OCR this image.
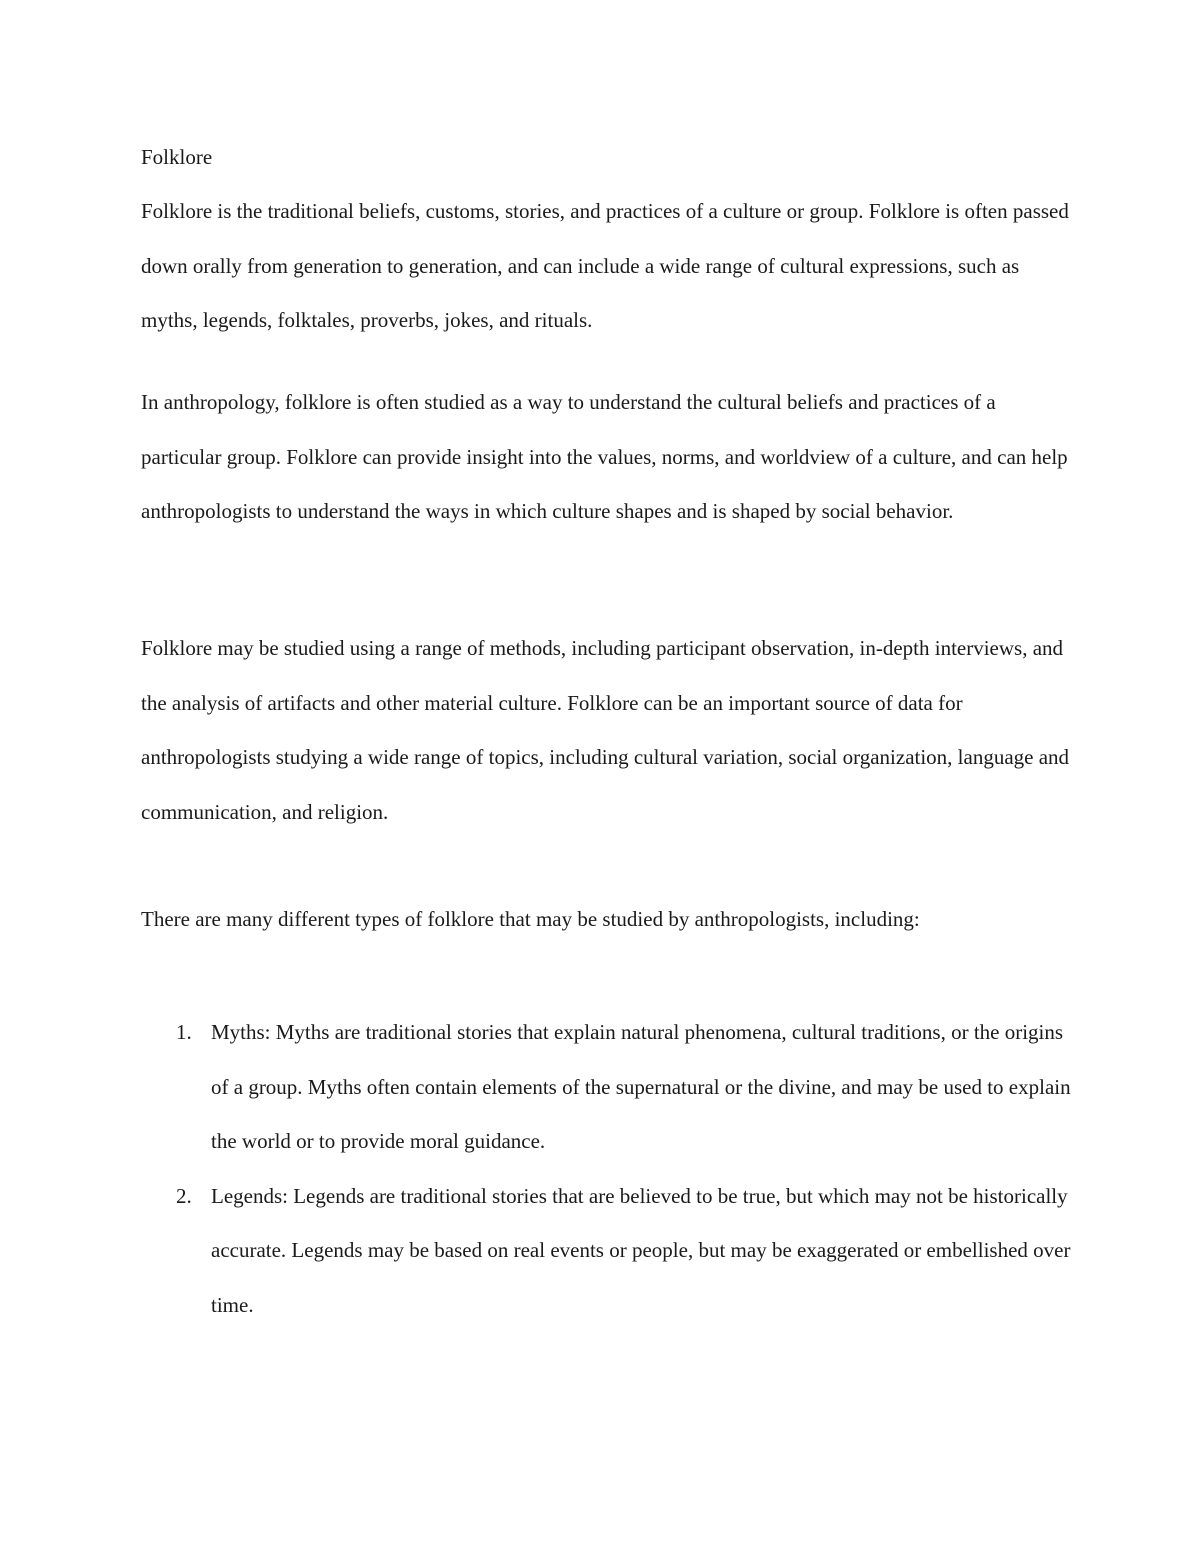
Folklore

Folklore is the traditional beliefs, customs, stories, and practices of a culture or group. Folklore is often passed down orally from generation to generation, and can include a wide range of cultural expressions, such as myths, legends, folktales, proverbs, jokes, and rituals.

In anthropology, folklore is often studied as a way to understand the cultural beliefs and practices of a particular group. Folklore can provide insight into the values, norms, and worldview of a culture, and can help anthropologists to understand the ways in which culture shapes and is shaped by social behavior.

Folklore may be studied using a range of methods, including participant observation, in-depth interviews, and the analysis of artifacts and other material culture. Folklore can be an important source of data for anthropologists studying a wide range of topics, including cultural variation, social organization, language and communication, and religion.

There are many different types of folklore that may be studied by anthropologists, including:

1. Myths: Myths are traditional stories that explain natural phenomena, cultural traditions, or the origins of a group. Myths often contain elements of the supernatural or the divine, and may be used to explain the world or to provide moral guidance.
2. Legends: Legends are traditional stories that are believed to be true, but which may not be historically accurate. Legends may be based on real events or people, but may be exaggerated or embellished over time.
